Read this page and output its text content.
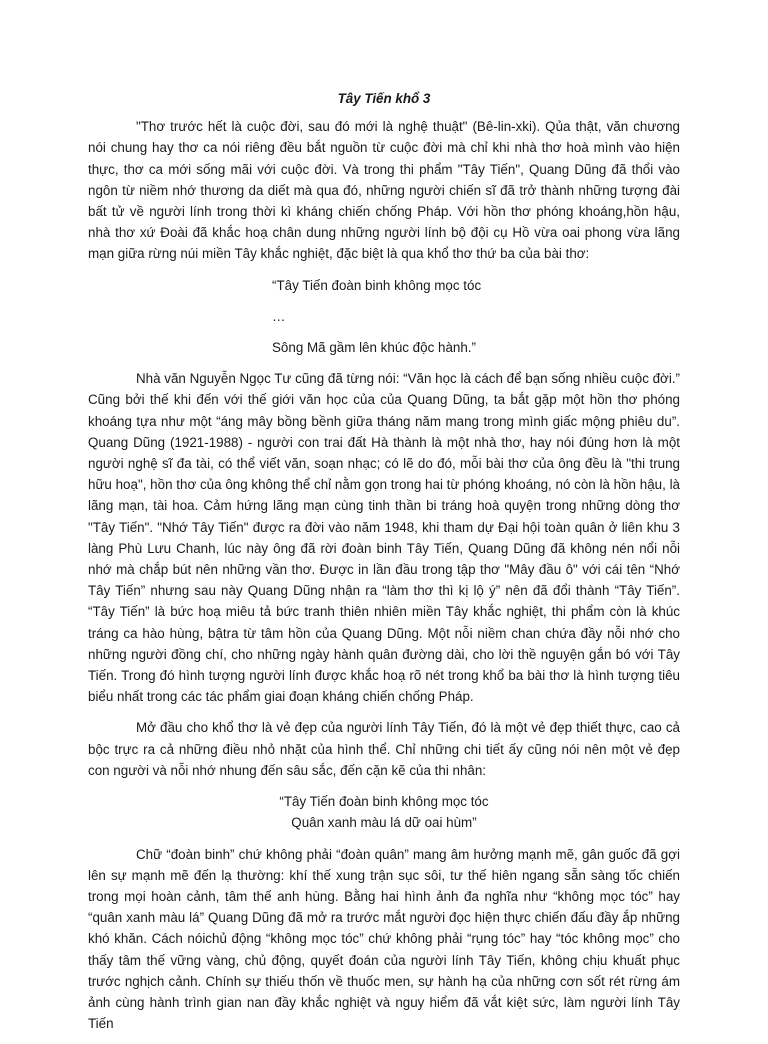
Tây Tiến khổ 3
"Thơ trước hết là cuộc đời, sau đó mới là nghệ thuật" (Bê-lin-xki). Qủa thật, văn chương nói chung hay thơ ca nói riêng đều bắt nguồn từ cuộc đời mà chỉ khi nhà thơ hoà mình vào hiện thực, thơ ca mới sống mãi với cuộc đời. Và trong thi phẩm "Tây Tiến", Quang Dũng đã thổi vào ngôn từ niềm nhớ thương da diết mà qua đó, những người chiến sĩ đã trở thành những tượng đài bất tử về người lính trong thời kì kháng chiến chống Pháp. Với hồn thơ phóng khoáng,hồn hậu, nhà thơ xứ Đoài đã khắc hoạ chân dung những người lính bộ đội cụ Hồ vừa oai phong vừa lãng mạn giữa rừng núi miền Tây khắc nghiệt, đặc biệt là qua khổ thơ thứ ba của bài thơ:
“Tây Tiến đoàn binh không mọc tóc
…
Sông Mã gầm lên khúc độc hành.”
Nhà văn Nguyễn Ngọc Tư cũng đã từng nói: “Văn học là cách để bạn sống nhiều cuộc đời.” Cũng bởi thế khi đến với thế giới văn học của của Quang Dũng, ta bắt gặp một hồn thơ phóng khoáng tựa như một “áng mây bồng bềnh giữa tháng năm mang trong mình giấc mộng phiêu du”. Quang Dũng (1921-1988) - người con trai đất Hà thành là một nhà thơ, hay nói đúng hơn là một người nghệ sĩ đa tài, có thể viết văn, soạn nhạc; có lẽ do đó, mỗi bài thơ của ông đều là "thi trung hữu hoạ", hồn thơ của ông không thể chỉ nằm gọn trong hai từ phóng khoáng, nó còn là hồn hậu, là lãng mạn, tài hoa. Cảm hứng lãng mạn cùng tinh thần bi tráng hoà quyện trong những dòng thơ "Tây Tiến". "Nhớ Tây Tiến" được ra đời vào năm 1948, khi tham dự Đại hội toàn quân ở liên khu 3 làng Phù Lưu Chanh, lúc này ông đã rời đoàn binh Tây Tiến, Quang Dũng đã không nén nổi nỗi nhớ mà chắp bút nên những vần thơ. Được in lần đầu trong tập thơ "Mây đầu ô" với cái tên “Nhớ Tây Tiến” nhưng sau này Quang Dũng nhận ra “làm thơ thì kị lộ ý” nên đã đổi thành “Tây Tiến”. “Tây Tiến” là bức hoạ miêu tả bức tranh thiên nhiên miền Tây khắc nghiệt, thi phẩm còn là khúc tráng ca hào hùng, bậtra từ tâm hồn của Quang Dũng. Một nỗi niềm chan chứa đầy nỗi nhớ cho những người đồng chí, cho những ngày hành quân đường dài, cho lời thề nguyện gắn bó với Tây Tiến. Trong đó hình tượng người lính được khắc hoạ rõ nét trong khổ ba bài thơ là hình tượng tiêu biểu nhất trong các tác phẩm giai đoạn kháng chiến chống Pháp.
Mở đầu cho khổ thơ là vẻ đẹp của người lính Tây Tiến, đó là một vẻ đẹp thiết thực, cao cả bộc trực ra cả những điều nhỏ nhặt của hình thể. Chỉ những chi tiết ấy cũng nói nên một vẻ đẹp con người và nỗi nhớ nhung đến sâu sắc, đến cặn kẽ của thi nhân:
“Tây Tiến đoàn binh không mọc tóc
Quân xanh màu lá dữ oai hùm”
Chữ “đoàn binh” chứ không phải “đoàn quân” mang âm hưởng mạnh mẽ, gân guốc đã gợi lên sự mạnh mẽ đến lạ thường: khí thế xung trận sục sôi, tư thế hiên ngang sẵn sàng tốc chiến trong mọi hoàn cảnh, tâm thế anh hùng. Bằng hai hình ảnh đa nghĩa như “không mọc tóc” hay “quân xanh màu lá” Quang Dũng đã mở ra trước mắt người đọc hiện thực chiến đấu đầy ắp những khó khăn. Cách nóichủ động “không mọc tóc” chứ không phải “rụng tóc” hay “tóc không mọc” cho thấy tâm thế vững vàng, chủ động, quyết đoán của người lính Tây Tiến, không chịu khuất phục trước nghịch cảnh. Chính sự thiếu thốn về thuốc men, sự hành hạ của những cơn sốt rét rừng ám ảnh cùng hành trình gian nan đầy khắc nghiệt và nguy hiểm đã vắt kiệt sức, làm người lính Tây Tiến
